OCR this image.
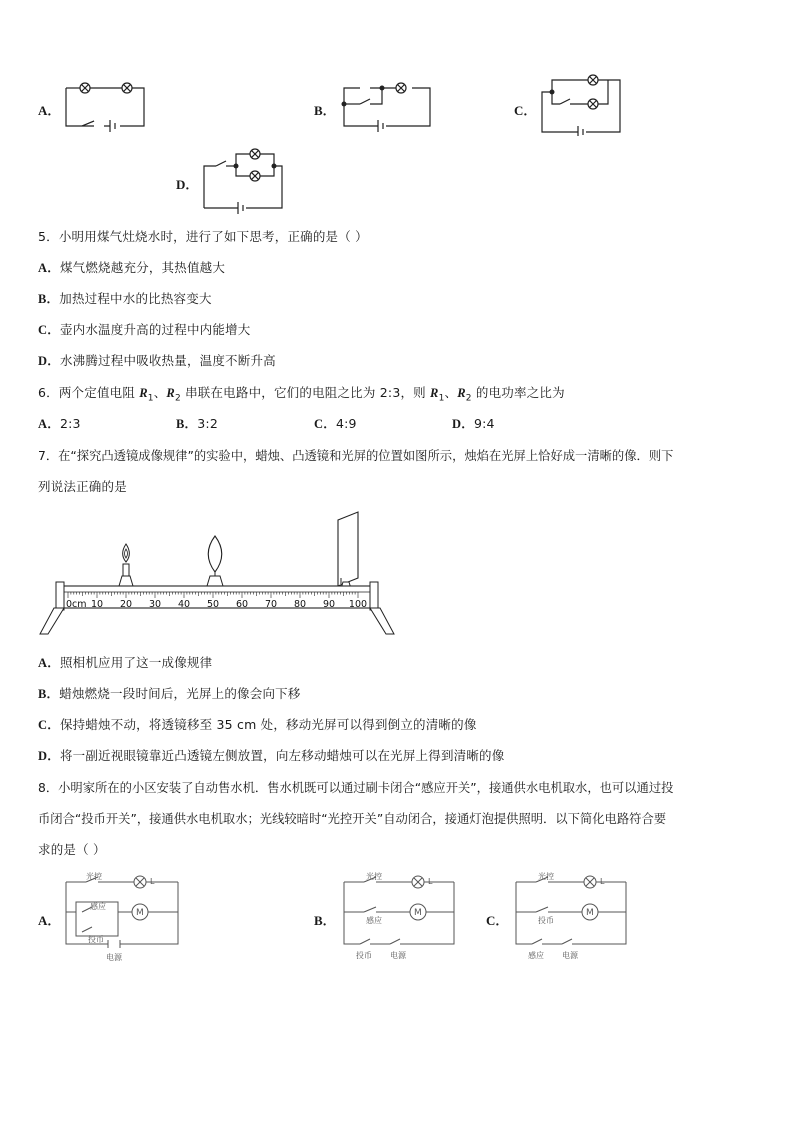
A．	B．	C．
D．
5．小明用煤气灶烧水时，进行了如下思考，正确的是（ ）
A．煤气燃烧越充分，其热值越大
B．加热过程中水的比热容变大
C．壶内水温度升高的过程中内能增大
D．水沸腾过程中吸收热量，温度不断升高
6．两个定值电阻 $R_1$、$R_2$ 串联在电路中，它们的电阻之比为 2:3，则 $R_1$、$R_2$ 的电功率之比为
A．2:3	B．3:2	C．4:9	D．9:4
7．在“探究凸透镜成像规律”的实验中，蜡烛、凸透镜和光屏的位置如图所示，烛焰在光屏上恰好成一清晰的像．则下
列说法正确的是
0cm 10 20 30 40 50 60 70 80 90 100
A．照相机应用了这一成像规律
B．蜡烛燃烧一段时间后，光屏上的像会向下移
C．保持蜡烛不动，将透镜移至 35 cm 处，移动光屏可以得到倒立的清晰的像
D．将一副近视眼镜靠近凸透镜左侧放置，向左移动蜡烛可以在光屏上得到清晰的像
8．小明家所在的小区安装了自动售水机．售水机既可以通过刷卡闭合“感应开关”，接通供水电机取水，也可以通过投
币闭合“投币开关”，接通供水电机取水；光线较暗时“光控开关”自动闭合，接通灯泡提供照明．以下简化电路符合要
求的是（ ）
A．
光控
L
感应
投币
M
电源
B．
光控
L
感应
M
投币 电源
C．
光控
L
投币
M
感应 电源
